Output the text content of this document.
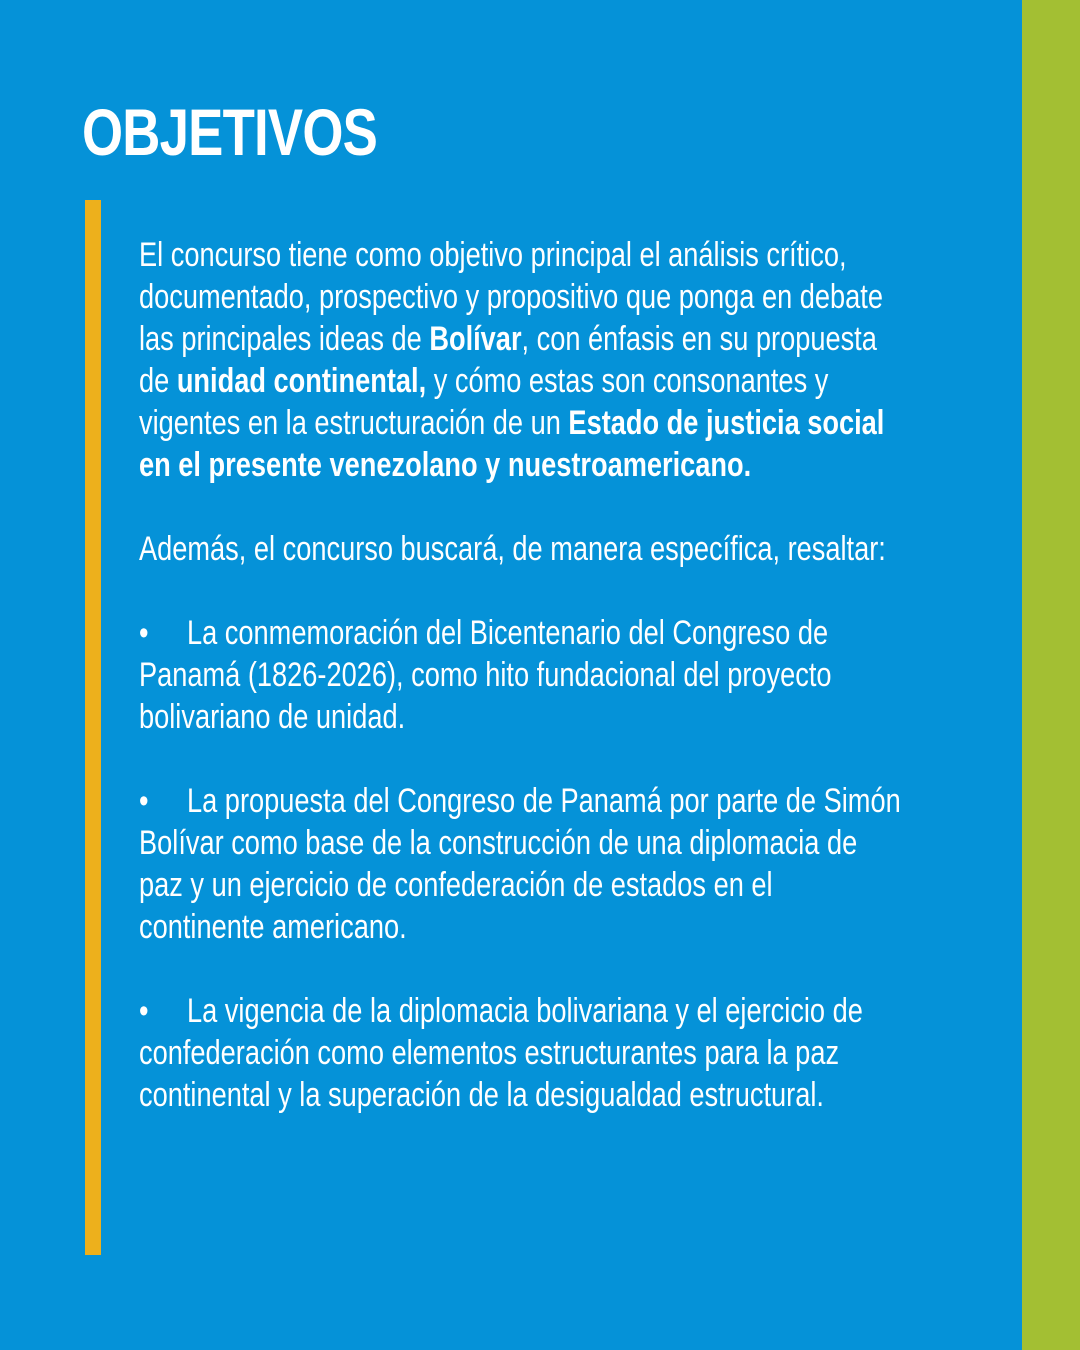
OBJETIVOS

El concurso tiene como objetivo principal el análisis crítico,
documentado, prospectivo y propositivo que ponga en debate
las principales ideas de Bolívar, con énfasis en su propuesta
de unidad continental, y cómo estas son consonantes y
vigentes en la estructuración de un Estado de justicia social
en el presente venezolano y nuestroamericano.

Además, el concurso buscará, de manera específica, resaltar:

• La conmemoración del Bicentenario del Congreso de
Panamá (1826-2026), como hito fundacional del proyecto
bolivariano de unidad.

• La propuesta del Congreso de Panamá por parte de Simón
Bolívar como base de la construcción de una diplomacia de
paz y un ejercicio de confederación de estados en el
continente americano.

• La vigencia de la diplomacia bolivariana y el ejercicio de
confederación como elementos estructurantes para la paz
continental y la superación de la desigualdad estructural.
